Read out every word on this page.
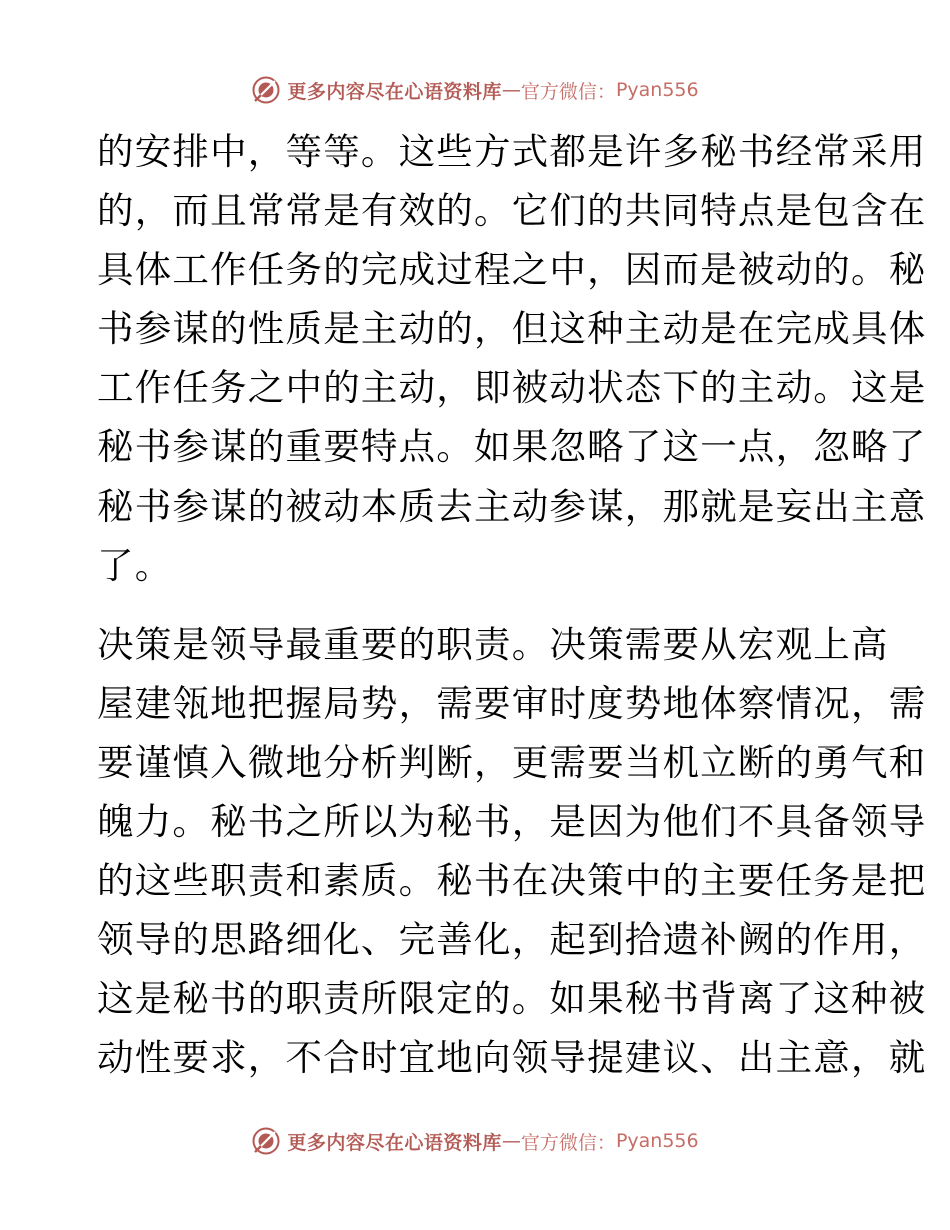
更多内容尽在心语资料库 — 官方微信： Pyan556
的安排中，等等。这些方式都是许多秘书经常采用
的，而且常常是有效的。它们的共同特点是包含在
具体工作任务的完成过程之中，因而是被动的。秘
书参谋的性质是主动的，但这种主动是在完成具体
工作任务之中的主动，即被动状态下的主动。这是
秘书参谋的重要特点。如果忽略了这一点，忽略了
秘书参谋的被动本质去主动参谋，那就是妄出主意
了。
决策是领导最重要的职责。决策需要从宏观上高
屋建瓴地把握局势，需要审时度势地体察情况，需
要谨慎入微地分析判断，更需要当机立断的勇气和
魄力。秘书之所以为秘书，是因为他们不具备领导
的这些职责和素质。秘书在决策中的主要任务是把
领导的思路细化、完善化，起到拾遗补阙的作用，
这是秘书的职责所限定的。如果秘书背离了这种被
动性要求，不合时宜地向领导提建议、出主意，就
更多内容尽在心语资料库 — 官方微信： Pyan556
